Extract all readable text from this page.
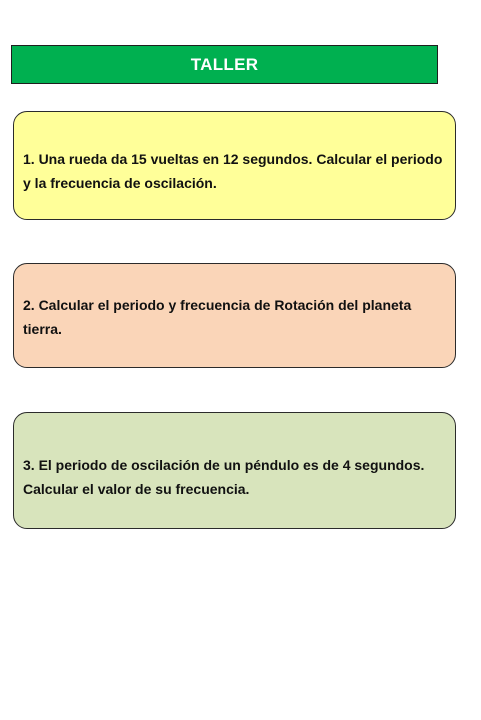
TALLER
1. Una rueda da 15 vueltas en 12 segundos. Calcular el periodo y la frecuencia de oscilación.
2. Calcular el periodo y frecuencia de Rotación del planeta tierra.
3. El periodo de oscilación de un péndulo es de 4 segundos. Calcular el valor de su frecuencia.
